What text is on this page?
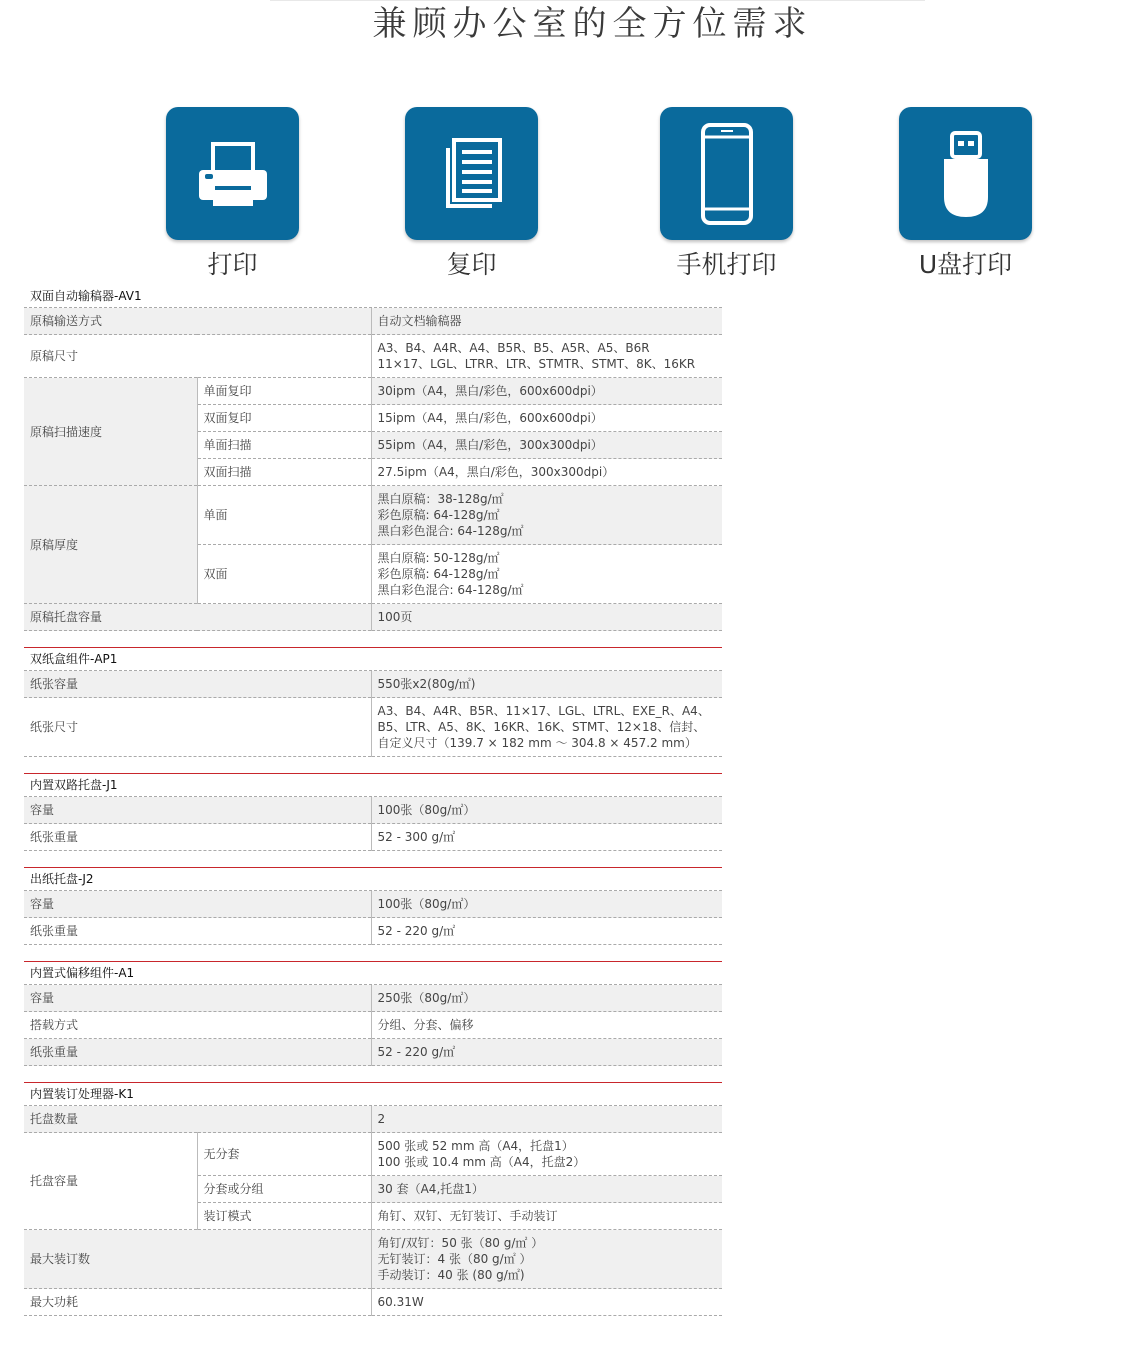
兼顾办公室的全方位需求
打印	复印	手机打印	U盘打印
双面自动输稿器-AV1
原稿输送方式		自动文档输稿器
原稿尺寸		A3、B4、A4R、A4、B5R、B5、A5R、A5、B6R
11×17、LGL、LTRR、LTR、STMTR、STMT、8K、16KR

原稿扫描速度	单面复印	30ipm（A4，黑白/彩色，600x600dpi）
	双面复印	15ipm（A4，黑白/彩色，600x600dpi）
	单面扫描	55ipm（A4，黑白/彩色，300x300dpi）
	双面扫描	27.5ipm（A4，黑白/彩色，300x300dpi）
原稿厚度	单面	黑白原稿：38-128g/㎡
彩色原稿: 64-128g/㎡
黑白彩色混合: 64-128g/㎡

	双面	黑白原稿: 50-128g/㎡
彩色原稿: 64-128g/㎡
黑白彩色混合: 64-128g/㎡

原稿托盘容量		100页
双纸盒组件-AP1
纸张容量	550张x2(80g/㎡)
纸张尺寸	A3、B4、A4R、B5R、11×17、LGL、LTRL、EXE_R、A4、
B5、LTR、A5、8K、16KR、16K、STMT、12×18、信封、
自定义尺寸（139.7 × 182 mm ～ 304.8 × 457.2 mm）
内置双路托盘-J1
容量	100张（80g/㎡）
纸张重量	52 - 300 g/㎡
出纸托盘-J2
容量	100张（80g/㎡）
纸张重量	52 - 220 g/㎡
内置式偏移组件-A1
容量	250张（80g/㎡）
搭载方式	分组、分套、偏移
纸张重量	52 - 220 g/㎡
内置装订处理器-K1
托盘数量		2
托盘容量	无分套	500 张或 52 mm 高（A4，托盘1）
100 张或 10.4 mm 高（A4，托盘2）

	分套或分组	30 套（A4,托盘1）
	装订模式	角钉、双钉、无钉装订、手动装订
最大装订数		角钉/双钉：50 张（80 g/㎡ ）
无钉装订：4 张（80 g/㎡ ）
手动装订：40 张 (80 g/㎡)

最大功耗		60.31W
